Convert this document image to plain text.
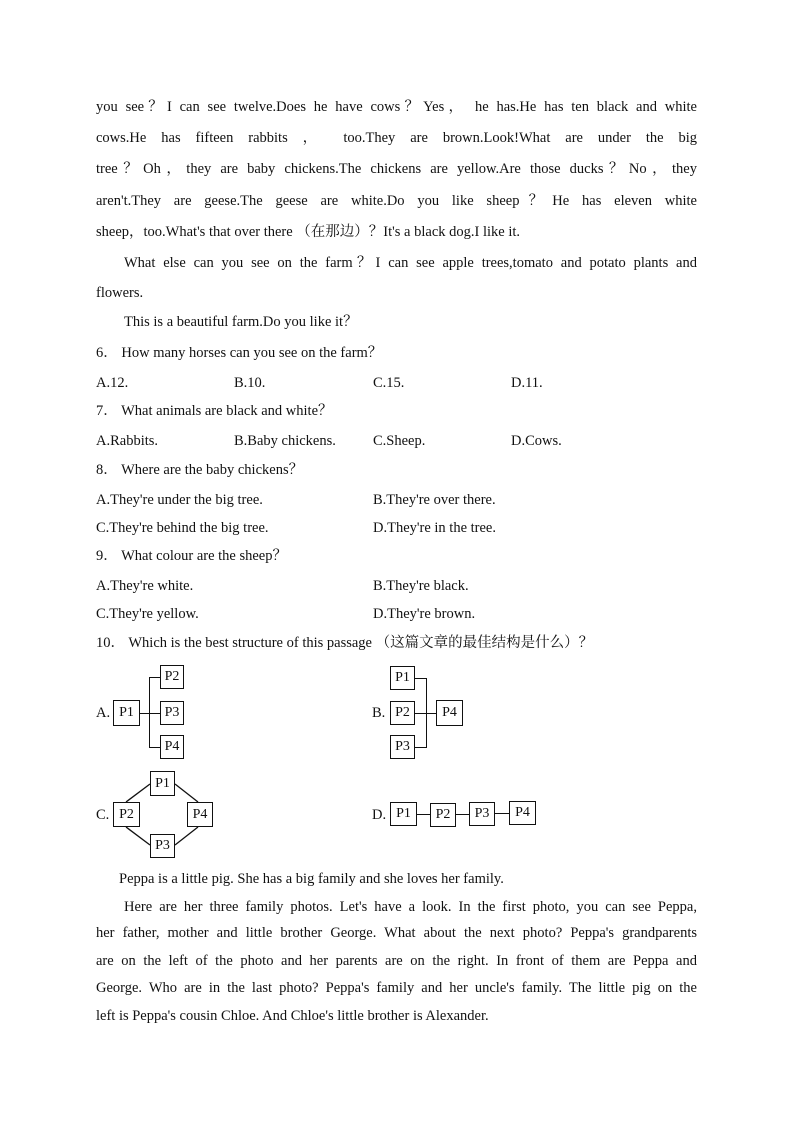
you see？I can see twelve.Does he have cows？Yes， he has.He has ten black and white
cows.He has fifteen rabbits ， too.They are brown.Look!What are under the big
tree？Oh，they are baby chickens.The chickens are yellow.Are those ducks？No，they
aren't.They are geese.The geese are white.Do you like sheep？He has eleven white
sheep，too.What's that over there （在那边）？It's a black dog.I like it.
What else can you see on the farm？I can see apple trees,tomato and potato plants and
flowers.
This is a beautiful farm.Do you like it？
6． How many horses can you see on the farm？
A.12.	B.10.	C.15.	D.11.
7． What animals are black and white？
A.Rabbits.	B.Baby chickens.	C.Sheep.	D.Cows.
8． Where are the baby chickens？
A.They're under the big tree.	B.They're over there.
C.They're behind the big tree.	D.They're in the tree.
9． What colour are the sheep？
A.They're white.	B.They're black.
C.They're yellow.	D.They're brown.
10． Which is the best structure of this passage （这篇文章的最佳结构是什么）？
A. P1
P2
P3
P4
B.
P1
P2
P3
P4
C.
P1
P2	P4
P3
D. P1	P2	P3	P4
Peppa is a little pig. She has a big family and she loves her family.
Here are her three family photos. Let's have a look. In the first photo, you can see Peppa,
her father, mother and little brother George. What about the next photo? Peppa's grandparents
are on the left of the photo and her parents are on the right. In front of them are Peppa and
George. Who are in the last photo? Peppa's family and her uncle's family. The little pig on the
left is Peppa's cousin Chloe. And Chloe's little brother is Alexander.
